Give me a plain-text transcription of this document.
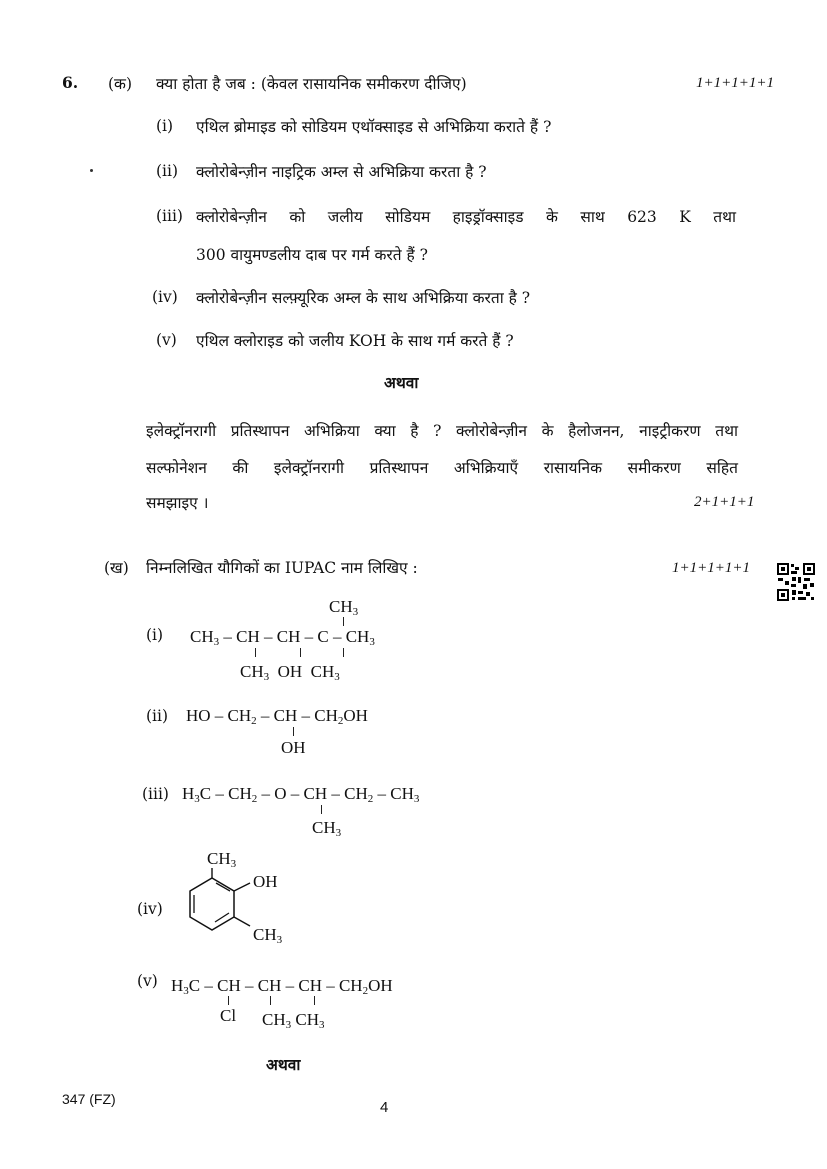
6. (क) क्या होता है जब : (केवल रासायनिक समीकरण दीजिए)	1+1+1+1+1
(i) एथिल ब्रोमाइड को सोडियम एथॉक्साइड से अभिक्रिया कराते हैं ?
(ii) क्लोरोबेन्ज़ीन नाइट्रिक अम्ल से अभिक्रिया करता है ?
(iii) क्लोरोबेन्ज़ीन को जलीय सोडियम हाइड्रॉक्साइड के साथ 623 K तथा
300 वायुमण्डलीय दाब पर गर्म करते हैं ?
(iv) क्लोरोबेन्ज़ीन सल्फ़्यूरिक अम्ल के साथ अभिक्रिया करता है ?
(v) एथिल क्लोराइड को जलीय KOH के साथ गर्म करते हैं ?
अथवा
इलेक्ट्रॉनरागी प्रतिस्थापन अभिक्रिया क्या है ? क्लोरोबेन्ज़ीन के हैलोजनन, नाइट्रीकरण तथा
सल्फोनेशन की इलेक्ट्रॉनरागी प्रतिस्थापन अभिक्रियाएँ रासायनिक समीकरण सहित
समझाइए ।	2+1+1+1
(ख) निम्नलिखित यौगिकों का IUPAC नाम लिखिए :	1+1+1+1+1
(i)
$CH_3$
$CH_3$ – CH – CH – C – $CH_3$
$CH_3$  OH  $CH_3$
(ii) HO – $CH_2$ – CH – $CH_2OH$
OH
(iii) $H_3C - CH_2$ – O – CH – $CH_2 - CH_3$
$CH_3$
(iv)
$CH_3$
OH
$CH_3$
(v) $H_3C$ – CH – CH – CH – $CH_2OH$
Cl $CH_3$ $CH_3$
अथवा
347 (FZ)	4
